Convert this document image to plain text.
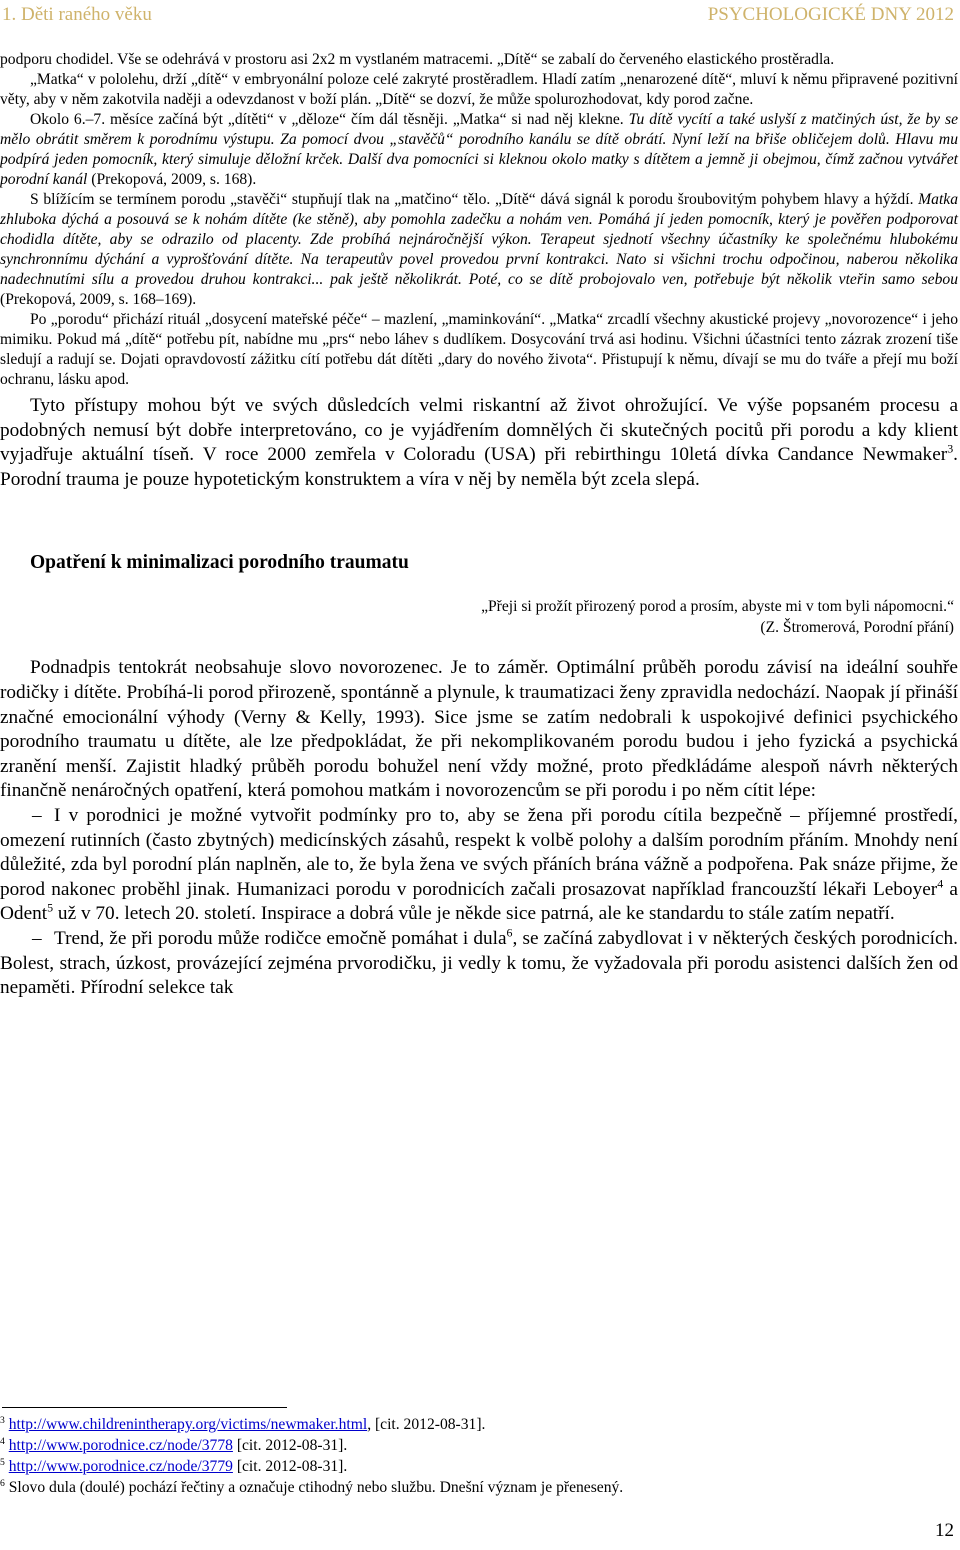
1. Děti raného věku	PSYCHOLOGICKÉ DNY 2012

podporu chodidel. Vše se odehrává v prostoru asi 2x2 m vystlaném matracemi. „Dítě“ se zabalí do červeného elastického prostěradla.

„Matka“ v pololehu, drží „dítě“ v embryonální poloze celé zakryté prostěradlem. Hladí zatím „nenarozené dítě“, mluví k němu připravené pozitivní věty, aby v něm zakotvila naději a odevzdanost v boží plán. „Dítě“ se dozví, že může spolurozhodovat, kdy porod začne.

Okolo 6.–7. měsíce začíná být „dítěti“ v „děloze“ čím dál těsněji. „Matka“ si nad něj klekne. Tu dítě vycítí a také uslyší z matčiných úst, že by se mělo obrátit směrem k porodnímu výstupu. Za pomocí dvou „stavěčů“ porodního kanálu se dítě obrátí. Nyní leží na břiše obličejem dolů. Hlavu mu podpírá jeden pomocník, který simuluje děložní krček. Další dva pomocníci si kleknou okolo matky s dítětem a jemně ji obejmou, čímž začnou vytvářet porodní kanál (Prekopová, 2009, s. 168).

S blížícím se termínem porodu „stavěči“ stupňují tlak na „matčino“ tělo. „Dítě“ dává signál k porodu šroubovitým pohybem hlavy a hýždí. Matka zhluboka dýchá a posouvá se k nohám dítěte (ke stěně), aby pomohla zadečku a nohám ven. Pomáhá jí jeden pomocník, který je pověřen podporovat chodidla dítěte, aby se odrazilo od placenty. Zde probíhá nejnáročnější výkon. Terapeut sjednotí všechny účastníky ke společnému hlubokému synchronnímu dýchání a vyprošťování dítěte. Na terapeutův povel provedou první kontrakci. Nato si všichni trochu odpočinou, naberou několika nadechnutími sílu a provedou druhou kontrakci... pak ještě několikrát. Poté, co se dítě probojovalo ven, potřebuje být několik vteřin samo sebou (Prekopová, 2009, s. 168–169).

Po „porodu“ přichází rituál „dosycení mateřské péče“ – mazlení, „maminkování“. „Matka“ zrcadlí všechny akustické projevy „novorozence“ i jeho mimiku. Pokud má „dítě“ potřebu pít, nabídne mu „prs“ nebo láhev s dudlíkem. Dosycování trvá asi hodinu. Všichni účastníci tento zázrak zrození tiše sledují a radují se. Dojati opravdovostí zážitku cítí potřebu dát dítěti „dary do nového života“. Přistupují k němu, dívají se mu do tváře a přejí mu boží ochranu, lásku apod.

Tyto přístupy mohou být ve svých důsledcích velmi riskantní až život ohrožující. Ve výše popsaném procesu a podobných nemusí být dobře interpretováno, co je vyjádřením domnělých či skutečných pocitů při porodu a kdy klient vyjadřuje aktuální tíseň. V roce 2000 zemřela v Coloradu (USA) při rebirthingu 10letá dívka Candance Newmaker$^3$. Porodní trauma je pouze hypotetickým konstruktem a víra v něj by neměla být zcela slepá.

Opatření k minimalizaci porodního traumatu
„Přeji si prožít přirozený porod a prosím, abyste mi v tom byli nápomocni.“
(Z. Štromerová, Porodní přání)

Podnadpis tentokrát neobsahuje slovo novorozenec. Je to záměr. Optimální průběh porodu závisí na ideální souhře rodičky i dítěte. Probíhá-li porod přirozeně, spontánně a plynule, k traumatizaci ženy zpravidla nedochází. Naopak jí přináší značné emocionální výhody (Verny & Kelly, 1993). Sice jsme se zatím nedobrali k uspokojivé definici psychického porodního traumatu u dítěte, ale lze předpokládat, že při nekomplikovaném porodu budou i jeho fyzická a psychická zranění menší. Zajistit hladký průběh porodu bohužel není vždy možné, proto předkládáme alespoň návrh některých finančně nenáročných opatření, která pomohou matkám i novorozencům se při porodu i po něm cítit lépe:

– I v porodnici je možné vytvořit podmínky pro to, aby se žena při porodu cítila bezpečně – příjemné prostředí, omezení rutinních (často zbytných) medicínských zásahů, respekt k volbě polohy a dalším porodním přáním. Mnohdy není důležité, zda byl porodní plán naplněn, ale to, že byla žena ve svých přáních brána vážně a podpořena. Pak snáze přijme, že porod nakonec proběhl jinak. Humanizaci porodu v porodnicích začali prosazovat například francouzští lékaři Leboyer$^4$ a Odent$^5$ už v 70. letech 20. století. Inspirace a dobrá vůle je někde sice patrná, ale ke standardu to stále zatím nepatří.

– Trend, že při porodu může rodičce emočně pomáhat i dula$^6$, se začíná zabydlovat i v některých českých porodnicích. Bolest, strach, úzkost, provázející zejména prvorodičku, ji vedly k tomu, že vyžadovala při porodu asistenci dalších žen od nepaměti. Přírodní selekce tak

$^3$ http://www.childrenintherapy.org/victims/newmaker.html, [cit. 2012-08-31].
$^4$ http://www.porodnice.cz/node/3778 [cit. 2012-08-31].
$^5$ http://www.porodnice.cz/node/3779 [cit. 2012-08-31].
$^6$ Slovo dula (doulé) pochází řečtiny a označuje ctihodný nebo službu. Dnešní význam je přenesený.
12
